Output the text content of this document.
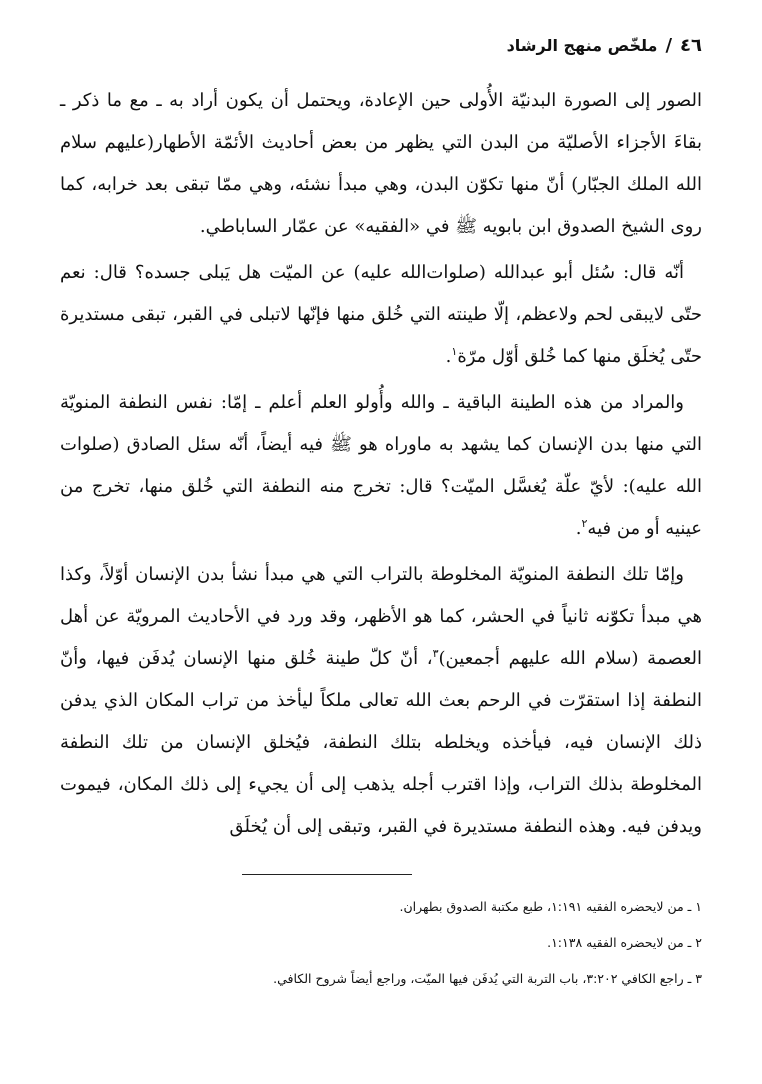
٤٦
/
ملخّص منهج الرشاد

الصور إلى الصورة البدنيّة الأُولى حين الإعادة، ويحتمل أن يكون أراد به ـ مع ما ذكر ـ بقاءَ الأجزاء الأصليّة من البدن التي يظهر من بعض أحاديث الأئمّة الأطهار(عليهم سلام الله الملك الجبّار) أنّ منها تكوّن البدن، وهي مبدأ نشئه، وهي ممّا تبقى بعد خرابه، كما روى الشيخ الصدوق ابن بابويه ﷺ في «الفقيه» عن عمّار الساباطي.

أنّه قال: سُئل أبو عبدالله (صلوات‌الله عليه) عن الميّت هل يَبلى جسده؟ قال: نعم حتّى لايبقى لحم ولاعظم، إلّا طينته التي خُلق منها فإنّها لاتبلى في القبر، تبقى مستديرة حتّى يُخلَق منها كما خُلق أوّل مرّة$^١$.

والمراد من هذه الطينة الباقية ـ والله وأُولو العلم أعلم ـ إمّا: نفس النطفة المنويّة التي منها بدن الإنسان كما يشهد به ماوراه هو ﷺ فيه أيضاً، أنّه سئل الصادق (صلوات الله عليه): لأيّ علّة يُغسَّل الميّت؟ قال: تخرج منه النطفة التي خُلق منها، تخرج من عينيه أو من فيه$^٢$.

وإمّا تلك النطفة المنويّة المخلوطة بالتراب التي هي مبدأ نشأ بدن الإنسان أوّلاً، وكذا هي مبدأ تكوّنه ثانياً في الحشر، كما هو الأظهر، وقد ورد في الأحاديث المرويّة عن أهل العصمة (سلام الله عليهم أجمعين)$^٣$، أنّ كلّ طينة خُلق منها الإنسان يُدفَن فيها، وأنّ النطفة إذا استقرّت في الرحم بعث الله تعالى ملكاً ليأخذ من تراب المكان الذي يدفن ذلك الإنسان فيه، فيأخذه ويخلطه بتلك النطفة، فيُخلق الإنسان من تلك النطفة المخلوطة بذلك التراب، وإذا اقترب أجله يذهب إلى أن يجيء إلى ذلك المكان، فيموت ويدفن فيه. وهذه النطفة مستديرة في القبر، وتبقى إلى أن يُخلَق

١ ـ من لايحضره الفقيه ١:١٩١، طبع مكتبة الصدوق بطهران.

٢ ـ من لايحضره الفقيه ١:١٣٨.

٣ ـ راجع الكافي ٣:٢٠٢، باب التربة التي يُدفَن فيها الميّت، وراجع أيضاً شروح الكافي.
